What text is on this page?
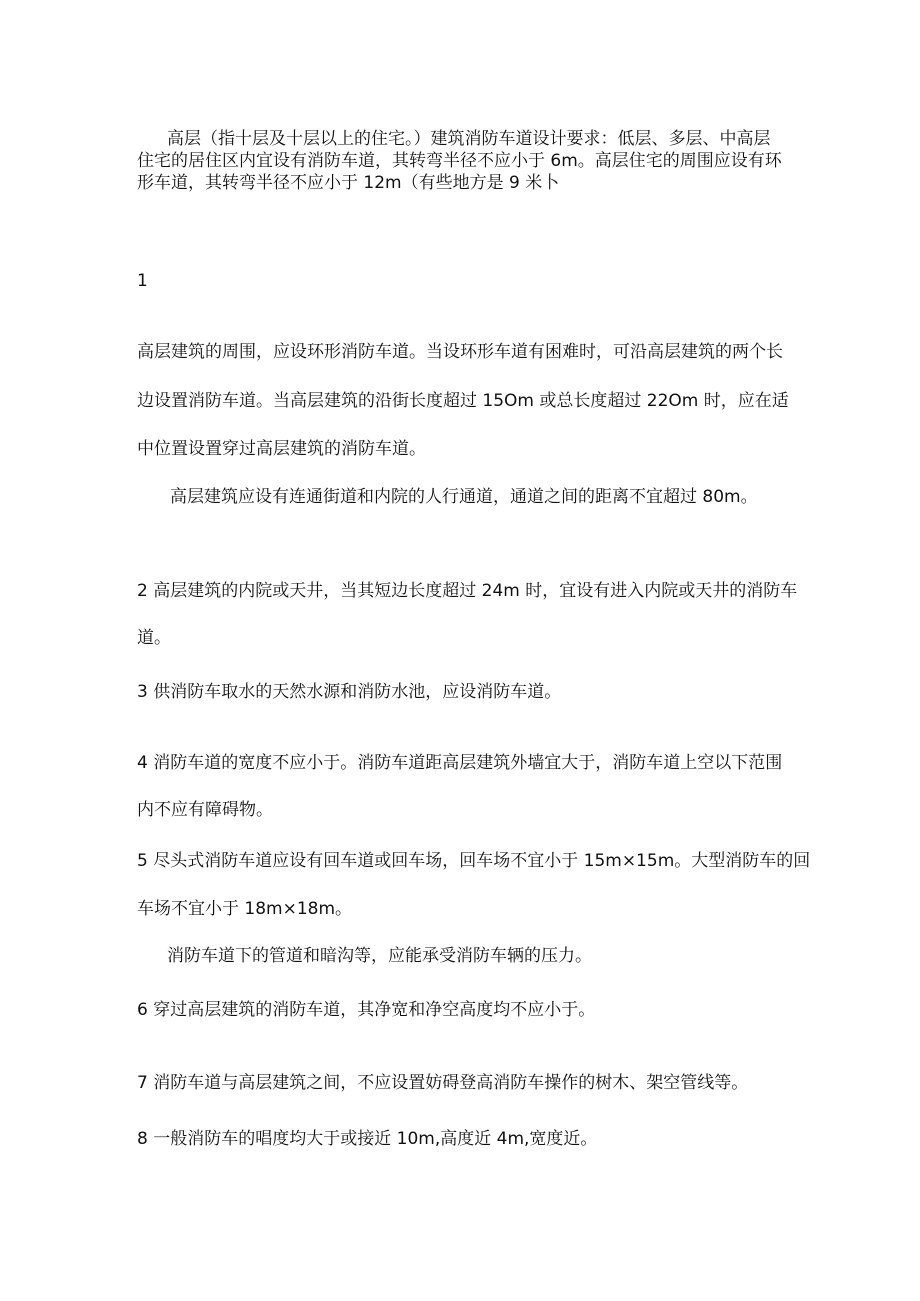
高层（指十层及十层以上的住宅。）建筑消防车道设计要求：低层、多层、中高层
住宅的居住区内宜设有消防车道，其转弯半径不应小于 6m。高层住宅的周围应设有环
形车道，其转弯半径不应小于 12m（有些地方是 9 米卜
1
高层建筑的周围，应设环形消防车道。当设环形车道有困难时，可沿高层建筑的两个长
边设置消防车道。当高层建筑的沿街长度超过 15Om 或总长度超过 22Om 时，应在适
中位置设置穿过高层建筑的消防车道。
高层建筑应设有连通街道和内院的人行通道，通道之间的距离不宜超过 80m。
2 高层建筑的内院或天井，当其短边长度超过 24m 时，宜设有进入内院或天井的消防车
道。
3 供消防车取水的天然水源和消防水池，应设消防车道。
4 消防车道的宽度不应小于。消防车道距高层建筑外墙宜大于，消防车道上空以下范围
内不应有障碍物。
5 尽头式消防车道应设有回车道或回车场，回车场不宜小于 15m×15m。大型消防车的回
车场不宜小于 18m×18m。
消防车道下的管道和暗沟等，应能承受消防车辆的压力。
6 穿过高层建筑的消防车道，其净宽和净空高度均不应小于。
7 消防车道与高层建筑之间，不应设置妨碍登高消防车操作的树木、架空管线等。
8 一般消防车的唱度均大于或接近 10m,高度近 4m,宽度近。
